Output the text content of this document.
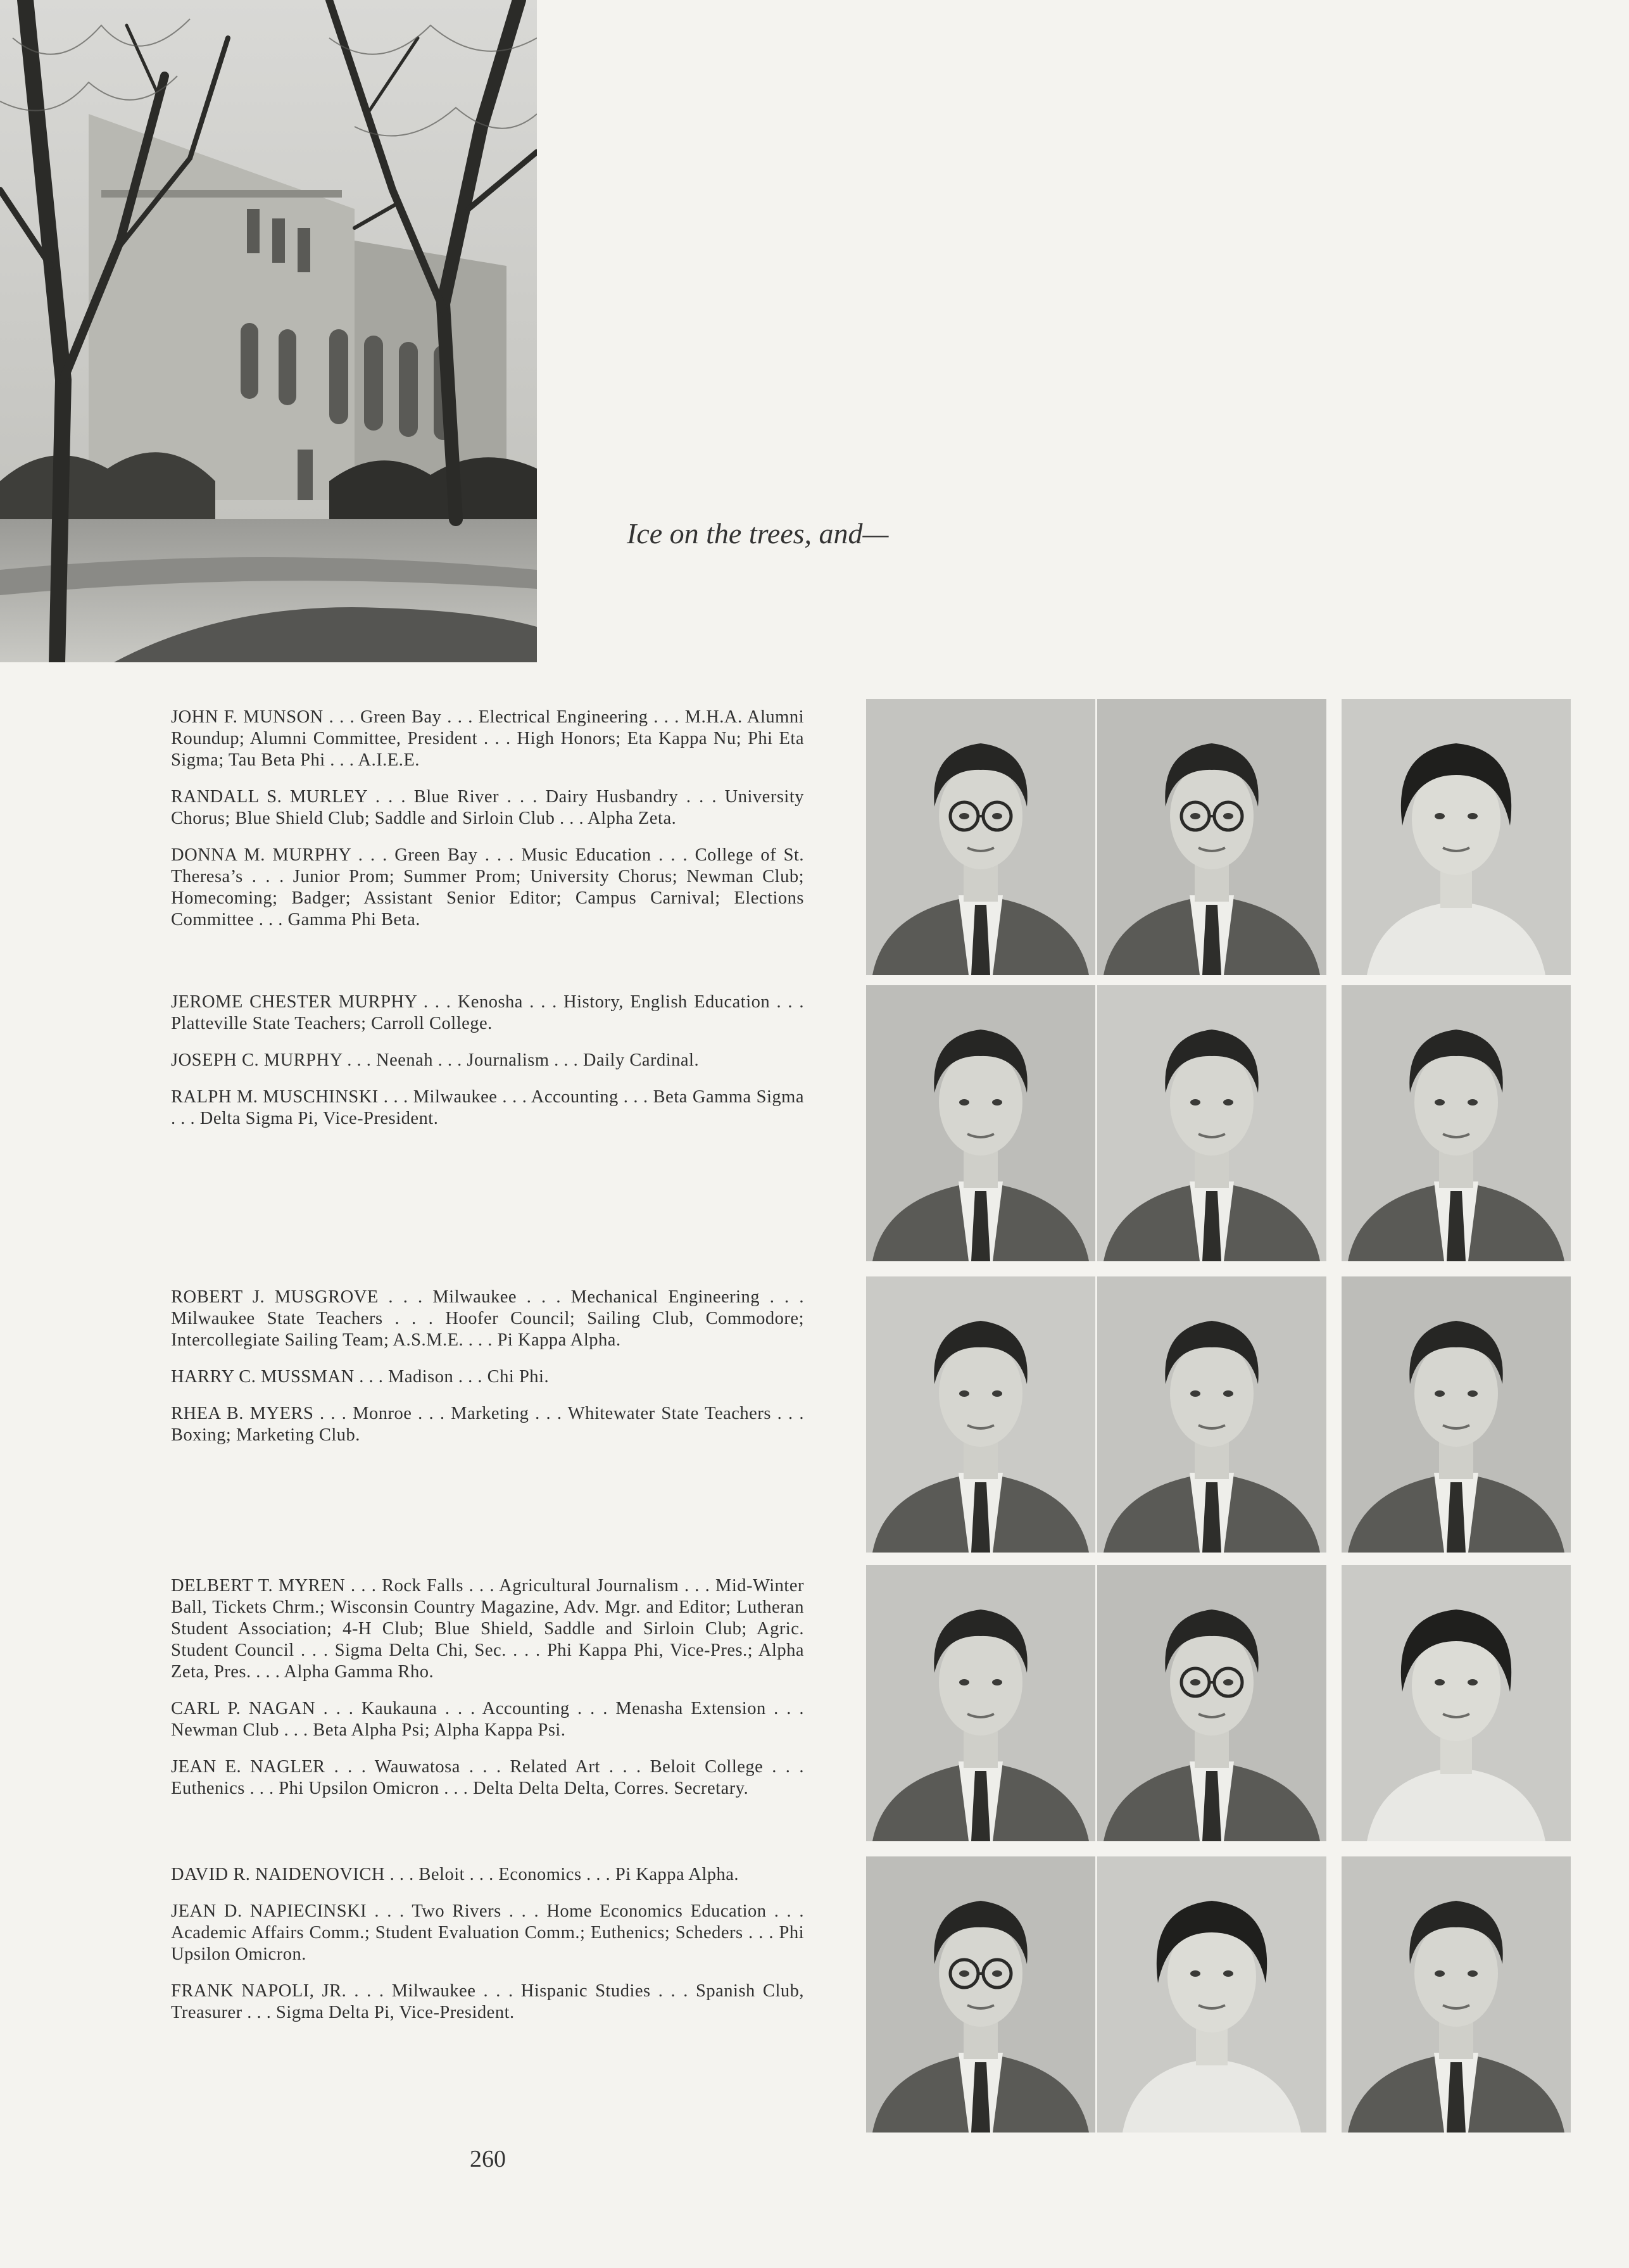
Ice on the trees, and—

JOHN F. MUNSON . . . Green Bay . . . Electrical Engineering . . . M.H.A. Alumni Roundup; Alumni Committee, President . . . High Honors; Eta Kappa Nu; Phi Eta Sigma; Tau Beta Phi . . . A.I.E.E.

RANDALL S. MURLEY . . . Blue River . . . Dairy Husbandry . . . University Chorus; Blue Shield Club; Saddle and Sirloin Club . . . Alpha Zeta.

DONNA M. MURPHY . . . Green Bay . . . Music Education . . . College of St. Theresa’s . . . Junior Prom; Summer Prom; University Chorus; Newman Club; Homecoming; Badger; Assistant Senior Editor; Campus Carnival; Elections Committee . . . Gamma Phi Beta.

JEROME CHESTER MURPHY . . . Kenosha . . . History, English Education . . . Platteville State Teachers; Carroll College.

JOSEPH C. MURPHY . . . Neenah . . . Journalism . . . Daily Cardinal.

RALPH M. MUSCHINSKI . . . Milwaukee . . . Accounting . . . Beta Gamma Sigma . . . Delta Sigma Pi, Vice-President.

ROBERT J. MUSGROVE . . . Milwaukee . . . Mechanical Engineering . . . Milwaukee State Teachers . . . Hoofer Council; Sailing Club, Commodore; Intercollegiate Sailing Team; A.S.M.E. . . . Pi Kappa Alpha.

HARRY C. MUSSMAN . . . Madison . . . Chi Phi.

RHEA B. MYERS . . . Monroe . . . Marketing . . . Whitewater State Teachers . . . Boxing; Marketing Club.

DELBERT T. MYREN . . . Rock Falls . . . Agricultural Journalism . . . Mid-Winter Ball, Tickets Chrm.; Wisconsin Country Magazine, Adv. Mgr. and Editor; Lutheran Student Association; 4-H Club; Blue Shield, Saddle and Sirloin Club; Agric. Student Council . . . Sigma Delta Chi, Sec. . . . Phi Kappa Phi, Vice-Pres.; Alpha Zeta, Pres. . . . Alpha Gamma Rho.

CARL P. NAGAN . . . Kaukauna . . . Accounting . . . Menasha Extension . . . Newman Club . . . Beta Alpha Psi; Alpha Kappa Psi.

JEAN E. NAGLER . . . Wauwatosa . . . Related Art . . . Beloit College . . . Euthenics . . . Phi Upsilon Omicron . . . Delta Delta Delta, Corres. Secretary.

DAVID R. NAIDENOVICH . . . Beloit . . . Economics . . . Pi Kappa Alpha.

JEAN D. NAPIECINSKI . . . Two Rivers . . . Home Economics Education . . . Academic Affairs Comm.; Student Evaluation Comm.; Euthenics; Scheders . . . Phi Upsilon Omicron.

FRANK NAPOLI, JR. . . . Milwaukee . . . Hispanic Studies . . . Spanish Club, Treasurer . . . Sigma Delta Pi, Vice-President.

260
